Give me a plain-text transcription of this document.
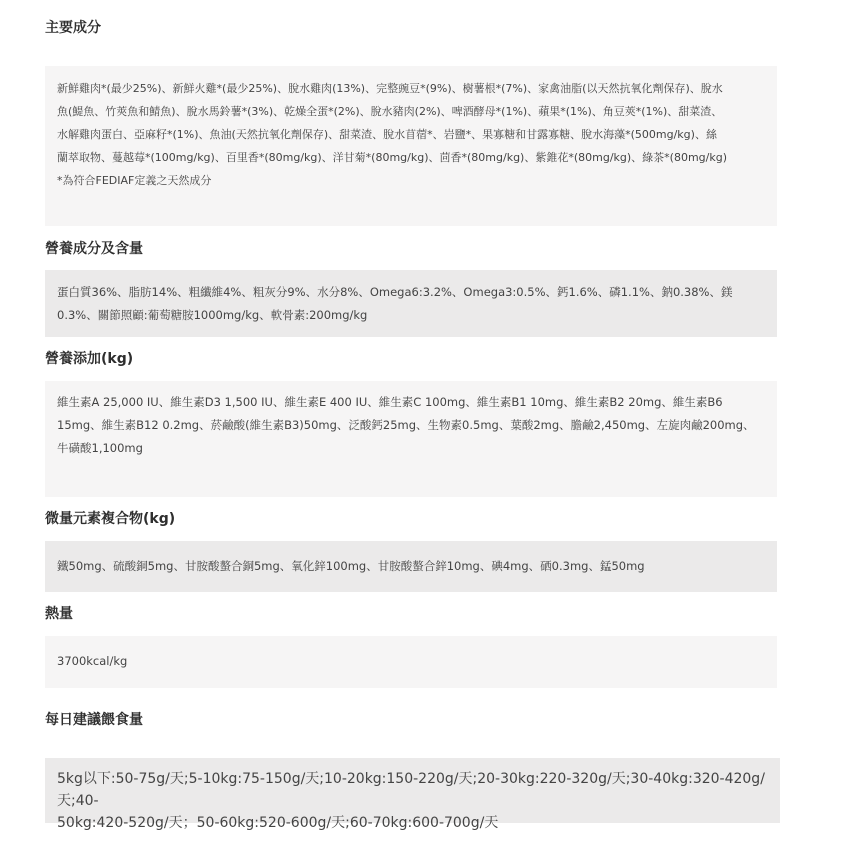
主要成分

新鮮雞肉*(最少25%)、新鮮火雞*(最少25%)、脫水雞肉(13%)、完整豌豆*(9%)、樹薯根*(7%)、家禽油脂(以天然抗氧化劑保存)、脫水

魚(鯷魚、竹莢魚和鯖魚)、脫水馬鈴薯*(3%)、乾燥全蛋*(2%)、脫水豬肉(2%)、啤酒酵母*(1%)、蘋果*(1%)、角豆莢*(1%)、甜菜渣、

水解雞肉蛋白、亞麻籽*(1%)、魚油(天然抗氧化劑保存)、甜菜渣、脫水苜蓿*、岩鹽*、果寡糖和甘露寡糖、脫水海藻*(500mg/kg)、絲

蘭萃取物、蔓越莓*(100mg/kg)、百里香*(80mg/kg)、洋甘菊*(80mg/kg)、茴香*(80mg/kg)、紫錐花*(80mg/kg)、綠茶*(80mg/kg)

*為符合FEDIAF定義之天然成分

營養成分及含量

蛋白質36%、脂肪14%、粗纖維4%、粗灰分9%、水分8%、Omega6:3.2%、Omega3:0.5%、鈣1.6%、磷1.1%、鈉0.38%、鎂

0.3%、關節照顧:葡萄糖胺1000mg/kg、軟骨素:200mg/kg

營養添加(kg)

維生素A 25,000 IU、維生素D3 1,500 IU、維生素E 400 IU、維生素C 100mg、維生素B1 10mg、維生素B2 20mg、維生素B6

15mg、維生素B12 0.2mg、菸鹼酸(維生素B3)50mg、泛酸鈣25mg、生物素0.5mg、葉酸2mg、膽鹼2,450mg、左旋肉鹼200mg、

牛磺酸1,100mg

微量元素複合物(kg)

鐵50mg、硫酸銅5mg、甘胺酸螯合銅5mg、氧化鋅100mg、甘胺酸螯合鋅10mg、碘4mg、硒0.3mg、錳50mg

熱量

3700kcal/kg

每日建議餵食量

5kg以下:50-75g/天;5-10kg:75-150g/天;10-20kg:150-220g/天;20-30kg:220-320g/天;30-40kg:320-420g/天;40-

50kg:420-520g/天；50-60kg:520-600g/天;60-70kg:600-700g/天
